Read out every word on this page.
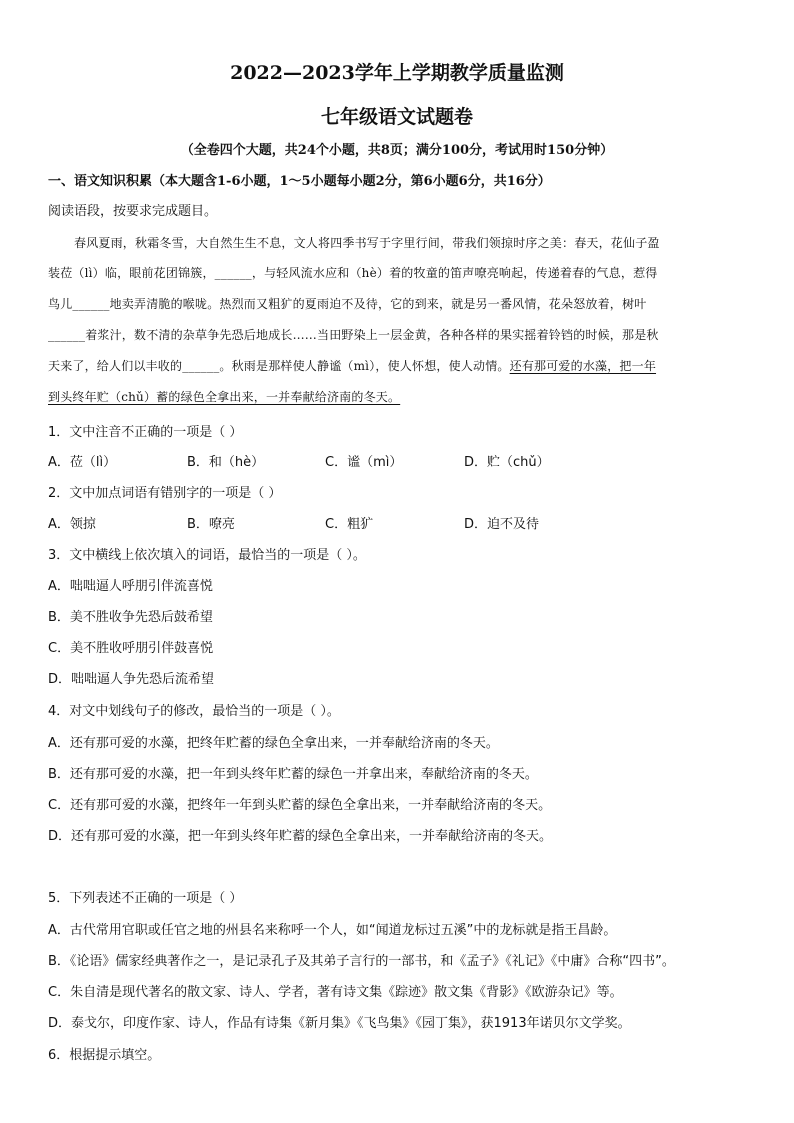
2022—2023学年上学期教学质量监测
七年级语文试题卷
（全卷四个大题，共24个小题，共8页；满分100分，考试用时150分钟）
一、语文知识积累（本大题含1-6小题，1～5小题每小题2分，第6小题6分，共16分）
阅读语段，按要求完成题目。
春风夏雨，秋霜冬雪，大自然生生不息，文人将四季书写于字里行间，带我们领掠时序之美：春天，花仙子盈
装莅（lì）临，眼前花团锦簇，______，与轻风流水应和（hè）着的牧童的笛声嘹亮响起，传递着春的气息，惹得
鸟儿______地卖弄清脆的喉咙。热烈而又粗犷的夏雨迫不及待，它的到来，就是另一番风情，花朵怒放着，树叶
______着浆汁，数不清的杂草争先恐后地成长……当田野染上一层金黄，各种各样的果实摇着铃铛的时候，那是秋
天来了，给人们以丰收的______。秋雨是那样使人静谧（mì），使人怀想，使人动情。还有那可爱的水藻，把一年
到头终年贮（chǔ）蓄的绿色全拿出来，一并奉献给济南的冬天。
1．文中注音不正确的一项是（ ）
A．莅（lì）	B．和（hè）	C．谧（mì）	D．贮（chǔ）
2．文中加点词语有错别字的一项是（ ）
A．领掠	B．嘹亮	C．粗犷	D．迫不及待
3．文中横线上依次填入的词语，最恰当的一项是（ ）。
A．咄咄逼人呼朋引伴流喜悦
B．美不胜收争先恐后鼓希望
C．美不胜收呼朋引伴鼓喜悦
D．咄咄逼人争先恐后流希望
4．对文中划线句子的修改，最恰当的一项是（ ）。
A．还有那可爱的水藻，把终年贮蓄的绿色全拿出来，一并奉献给济南的冬天。
B．还有那可爱的水藻，把一年到头终年贮蓄的绿色一并拿出来，奉献给济南的冬天。
C．还有那可爱的水藻，把终年一年到头贮蓄的绿色全拿出来，一并奉献给济南的冬天。
D．还有那可爱的水藻，把一年到头终年贮蓄的绿色全拿出来，一并奉献给济南的冬天。
5．下列表述不正确的一项是（ ）
A．古代常用官职或任官之地的州县名来称呼一个人，如“闻道龙标过五溪”中的龙标就是指王昌龄。
B．《论语》儒家经典著作之一，是记录孔子及其弟子言行的一部书，和《孟子》《礼记》《中庸》合称“四书”。
C．朱自清是现代著名的散文家、诗人、学者，著有诗文集《踪迹》散文集《背影》《欧游杂记》等。
D．泰戈尔，印度作家、诗人，作品有诗集《新月集》《飞鸟集》《园丁集》，获1913年诺贝尔文学奖。
6．根据提示填空。
